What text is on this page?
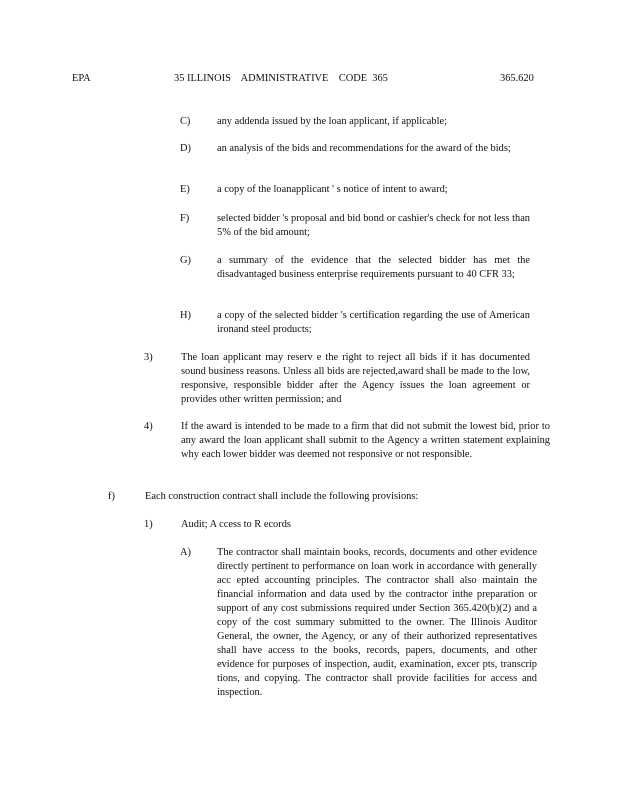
EPA	35 ILLINOIS    ADMINISTRATIVE    CODE  365	365.620
C)	any addenda issued by the loan applicant, if applicable;
D)	an analysis of the bids and recommendations for the award of the bids;
E)	a copy of the loanapplicant ' s notice of intent to award;
F)	selected bidder 's proposal and bid bond or cashier's check for not less than 5% of the bid amount;
G)	a summary of the evidence that the selected bidder has met the disadvantaged business enterprise requirements pursuant to 40 CFR 33;
H)	a copy of the selected bidder 's certification regarding the use of American ironand steel products;
3)	The loan applicant may reserv e the right to reject all bids if it has documented sound business reasons. Unless all bids are rejected,award shall be made to the low, responsive, responsible bidder after the Agency issues the loan agreement or provides other written permission; and
4)	If the award is intended to be made to a firm that did not submit the lowest bid, prior to any award the loan applicant shall submit to the Agency a written statement explaining why each lower bidder was deemed not responsive or not responsible.
f)	Each construction contract shall include the following provisions:
1)	Audit; A ccess to R ecords
A)	The contractor shall maintain books, records, documents and other evidence directly pertinent to performance on loan work in accordance with generally acc epted accounting principles. The contractor shall also maintain the financial information and data used by the contractor inthe preparation or support of any cost submissions required under Section 365.420(b)(2) and a copy of the cost summary submitted to the owner. The Illinois Auditor General, the owner, the Agency, or any of their authorized representatives shall have access to the books, records, papers, documents, and other evidence for purposes of inspection, audit, examination, excer pts, transcrip tions, and copying. The contractor shall provide facilities for access and inspection.
